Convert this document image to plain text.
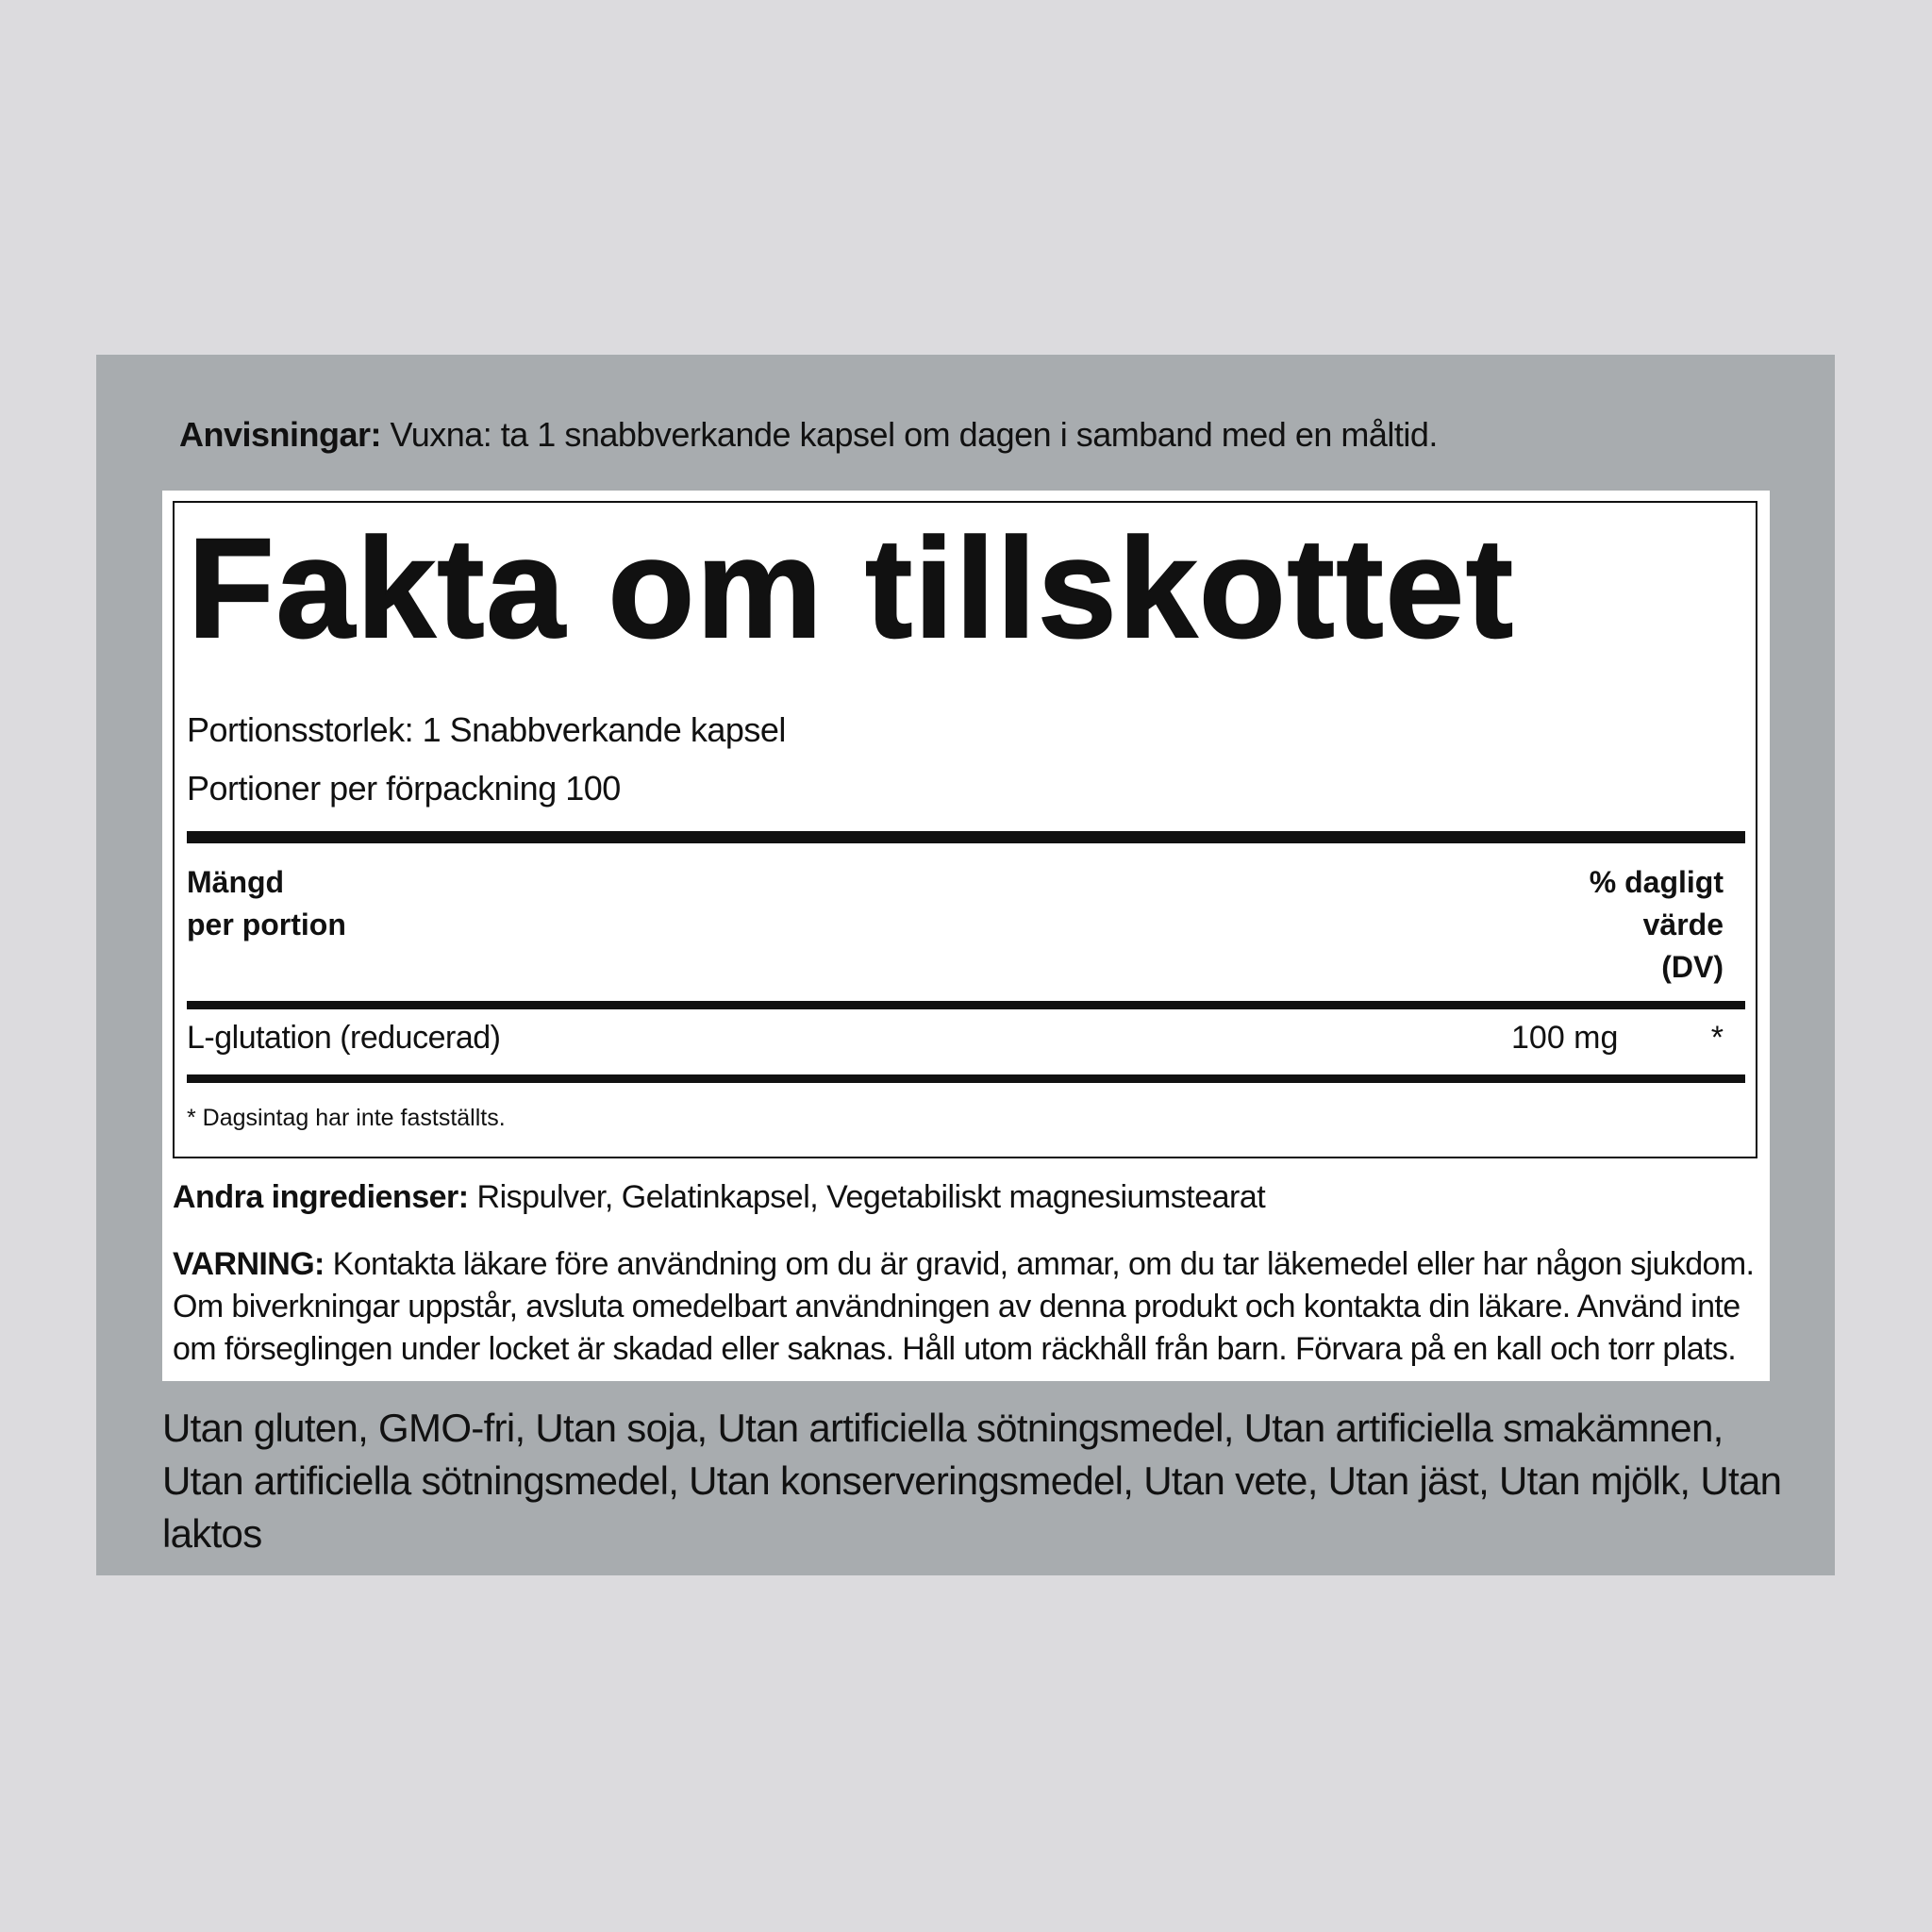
Anvisningar: Vuxna: ta 1 snabbverkande kapsel om dagen i samband med en måltid.
Fakta om tillskottet
Portionsstorlek: 1 Snabbverkande kapsel
Portioner per förpackning 100
Mängd
per portion
% dagligt
värde
(DV)
L-glutation (reducerad)	100 mg	*
* Dagsintag har inte fastställts.
Andra ingredienser: Rispulver, Gelatinkapsel, Vegetabiliskt magnesiumstearat
VARNING: Kontakta läkare före användning om du är gravid, ammar, om du tar läkemedel eller har någon sjukdom. Om biverkningar uppstår, avsluta omedelbart användningen av denna produkt och kontakta din läkare. Använd inte om förseglingen under locket är skadad eller saknas. Håll utom räckhåll från barn. Förvara på en kall och torr plats.
Utan gluten, GMO-fri, Utan soja, Utan artificiella sötningsmedel, Utan artificiella smakämnen, Utan artificiella sötningsmedel, Utan konserveringsmedel, Utan vete, Utan jäst, Utan mjölk, Utan laktos
